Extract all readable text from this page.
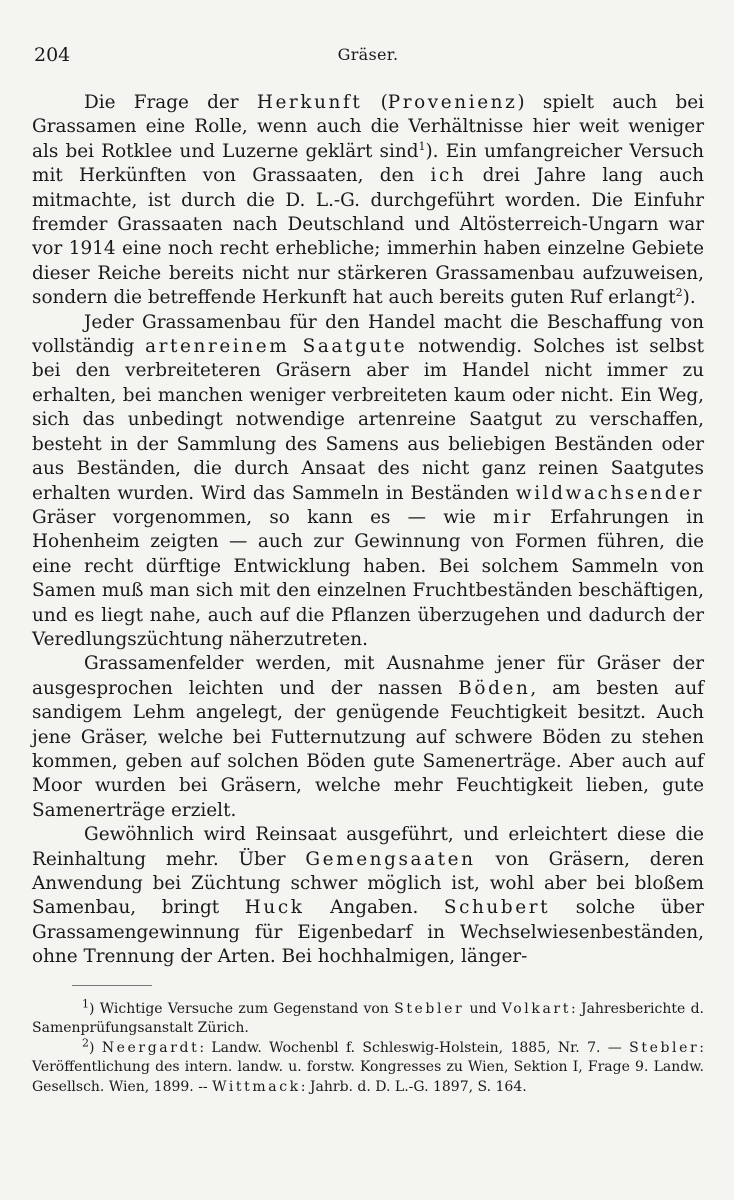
204	Gräser.

Die Frage der Herkunft (Provenienz) spielt auch bei Grassamen eine Rolle, wenn auch die Verhältnisse hier weit weniger als bei Rotklee und Luzerne geklärt sind$^1$). Ein umfangreicher Versuch mit Herkünften von Grassaaten, den ich drei Jahre lang auch mitmachte, ist durch die D. L.-G. durchgeführt worden. Die Einfuhr fremder Grassaaten nach Deutschland und Altösterreich-Ungarn war vor 1914 eine noch recht erhebliche; immerhin haben einzelne Gebiete dieser Reiche bereits nicht nur stärkeren Grassamenbau aufzuweisen, sondern die betreffende Herkunft hat auch bereits guten Ruf erlangt$^2$).

Jeder Grassamenbau für den Handel macht die Beschaffung von vollständig artenreinem Saatgute notwendig. Solches ist selbst bei den verbreiteteren Gräsern aber im Handel nicht immer zu erhalten, bei manchen weniger verbreiteten kaum oder nicht. Ein Weg, sich das unbedingt notwendige artenreine Saatgut zu verschaffen, besteht in der Sammlung des Samens aus beliebigen Beständen oder aus Beständen, die durch Ansaat des nicht ganz reinen Saatgutes erhalten wurden. Wird das Sammeln in Beständen wildwachsender Gräser vorgenommen, so kann es — wie mir Erfahrungen in Hohenheim zeigten — auch zur Gewinnung von Formen führen, die eine recht dürftige Entwicklung haben. Bei solchem Sammeln von Samen muß man sich mit den einzelnen Fruchtbeständen beschäftigen, und es liegt nahe, auch auf die Pflanzen überzugehen und dadurch der Veredlungszüchtung näherzutreten.

Grassamenfelder werden, mit Ausnahme jener für Gräser der ausgesprochen leichten und der nassen Böden, am besten auf sandigem Lehm angelegt, der genügende Feuchtigkeit besitzt. Auch jene Gräser, welche bei Futternutzung auf schwere Böden zu stehen kommen, geben auf solchen Böden gute Samenerträge. Aber auch auf Moor wurden bei Gräsern, welche mehr Feuchtigkeit lieben, gute Samenerträge erzielt.

Gewöhnlich wird Reinsaat ausgeführt, und erleichtert diese die Reinhaltung mehr. Über Gemengsaaten von Gräsern, deren Anwendung bei Züchtung schwer möglich ist, wohl aber bei bloßem Samenbau, bringt Huck Angaben. Schubert solche über Grassamengewinnung für Eigenbedarf in Wechselwiesenbeständen, ohne Trennung der Arten. Bei hochhalmigen, länger-

$^1$) Wichtige Versuche zum Gegenstand von Stebler und Volkart: Jahresberichte d. Samenprüfungsanstalt Zürich.

$^2$) Neergardt: Landw. Wochenbl f. Schleswig-Holstein, 1885, Nr. 7. — Stebler: Veröffentlichung des intern. landw. u. forstw. Kongresses zu Wien, Sektion I, Frage 9. Landw. Gesellsch. Wien, 1899. -- Wittmack: Jahrb. d. D. L.-G. 1897, S. 164.
